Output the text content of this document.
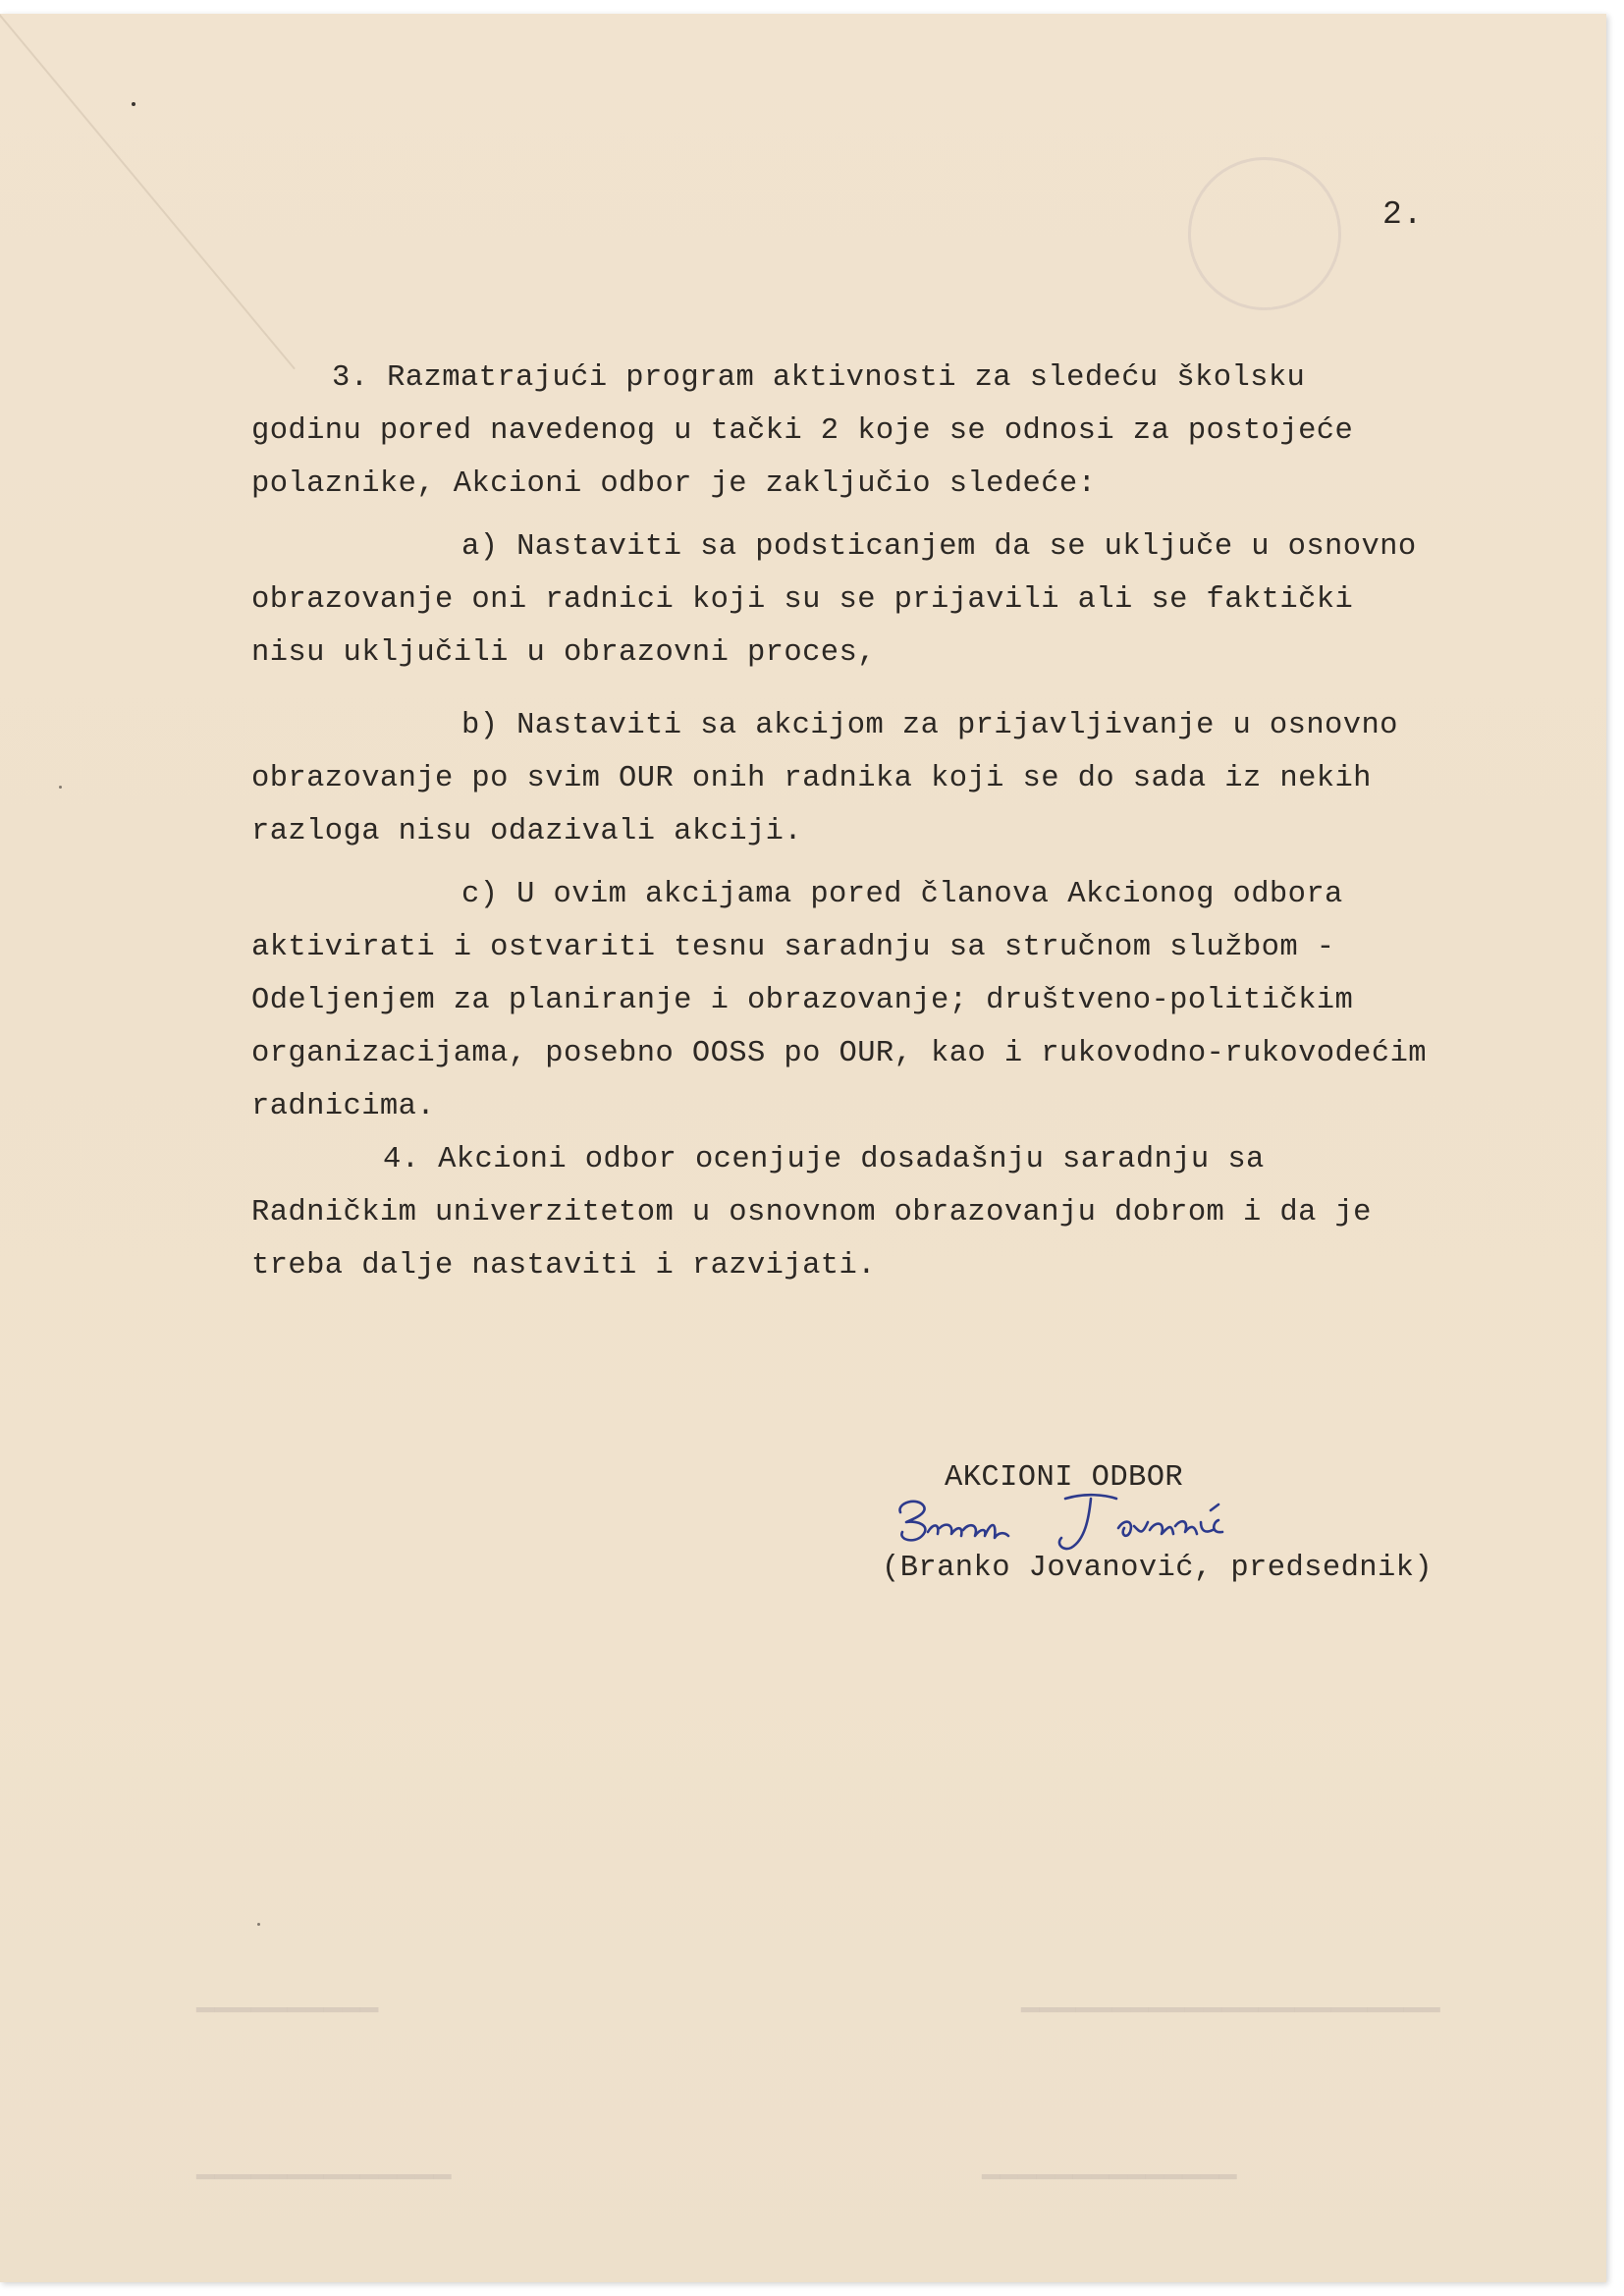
━━━━━━━━━━━━━━━━━━━━━━━
━━━━━━━━━━
━━━━━━━━━━━━━━	━━━━━━━━━━━━━━
2.

3. Razmatrajući program aktivnosti za sledeću školsku

godinu pored navedenog u tački 2 koje se odnosi za postojeće

polaznike, Akcioni odbor je zaključio sledeće:

a) Nastaviti sa podsticanjem da se uključe u osnovno

obrazovanje oni radnici koji su se prijavili ali se faktički

nisu uključili u obrazovni proces,

b) Nastaviti sa akcijom za prijavljivanje u osnovno

obrazovanje po svim OUR onih radnika koji se do sada iz nekih

razloga nisu odazivali akciji.

c) U ovim akcijama pored članova Akcionog odbora

aktivirati i ostvariti tesnu saradnju sa stručnom službom -

Odeljenjem za planiranje i obrazovanje; društveno-političkim

organizacijama, posebno OOSS po OUR, kao i rukovodno-rukovodećim

radnicima.

4. Akcioni odbor ocenjuje dosadašnju saradnju sa

Radničkim univerzitetom u osnovnom obrazovanju dobrom i da je

treba dalje nastaviti i razvijati.

AKCIONI ODBOR

(Branko Jovanović, predsednik)
